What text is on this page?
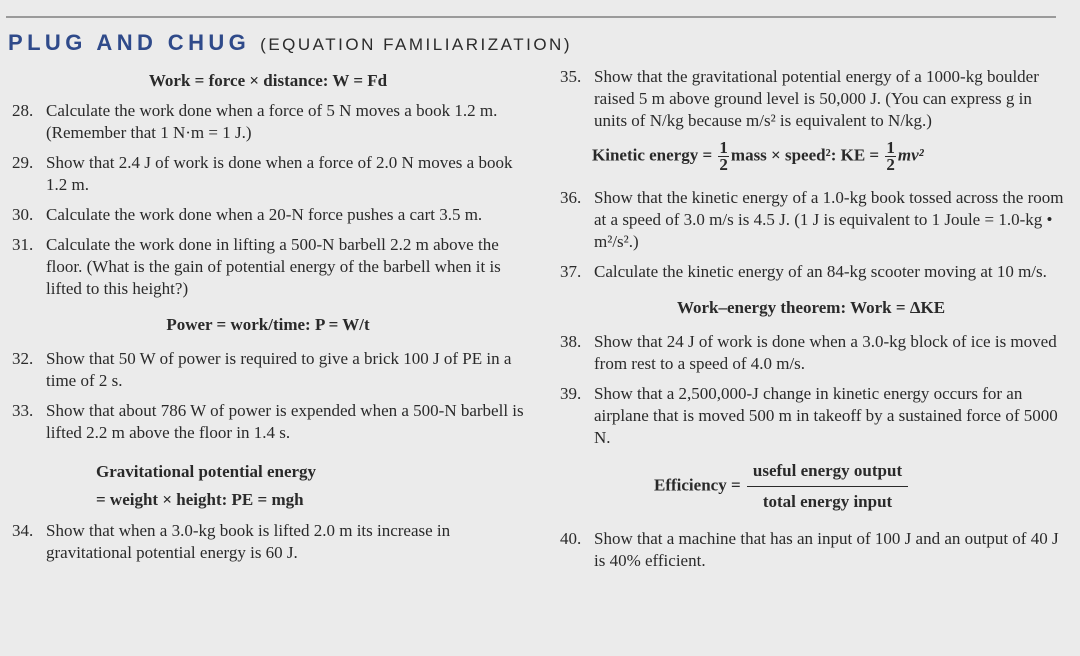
PLUG AND CHUG (EQUATION FAMILIARIZATION)
Work = force × distance: W = Fd
28. Calculate the work done when a force of 5 N moves a book 1.2 m. (Remember that 1 N·m = 1 J.)
29. Show that 2.4 J of work is done when a force of 2.0 N moves a book 1.2 m.
30. Calculate the work done when a 20-N force pushes a cart 3.5 m.
31. Calculate the work done in lifting a 500-N barbell 2.2 m above the floor. (What is the gain of potential energy of the barbell when it is lifted to this height?)
Power = work/time: P = W/t
32. Show that 50 W of power is required to give a brick 100 J of PE in a time of 2 s.
33. Show that about 786 W of power is expended when a 500-N barbell is lifted 2.2 m above the floor in 1.4 s.
Gravitational potential energy
= weight × height: PE = mgh
34. Show that when a 3.0-kg book is lifted 2.0 m its increase in gravitational potential energy is 60 J.
35. Show that the gravitational potential energy of a 1000-kg boulder raised 5 m above ground level is 50,000 J. (You can express g in units of N/kg because m/s² is equivalent to N/kg.)
Kinetic energy = $\frac{1}{2}$ mass × speed²: KE = $\frac{1}{2} mv^2$
36. Show that the kinetic energy of a 1.0-kg book tossed across the room at a speed of 3.0 m/s is 4.5 J. (1 J is equivalent to 1 Joule = 1.0-kg • m²/s².)
37. Calculate the kinetic energy of an 84-kg scooter moving at 10 m/s.
Work–energy theorem: Work = ΔKE
38. Show that 24 J of work is done when a 3.0-kg block of ice is moved from rest to a speed of 4.0 m/s.
39. Show that a 2,500,000-J change in kinetic energy occurs for an airplane that is moved 500 m in takeoff by a sustained force of 5000 N.
Efficiency = $\frac{\text{useful energy output}}{\text{total energy input}}$
40. Show that a machine that has an input of 100 J and an output of 40 J is 40% efficient.
